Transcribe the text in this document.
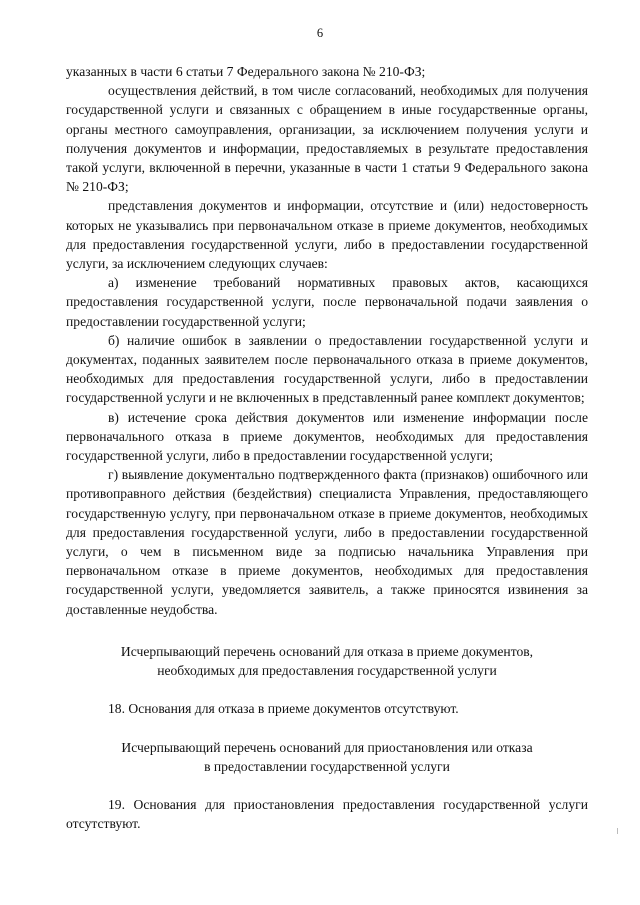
6

указанных в части 6 статьи 7 Федерального закона № 210-ФЗ;

осуществления действий, в том числе согласований, необходимых для получения государственной услуги и связанных с обращением в иные государственные органы, органы местного самоуправления, организации, за исключением получения услуги и получения документов и информации, предоставляемых в результате предоставления такой услуги, включенной в перечни, указанные в части 1 статьи 9 Федерального закона № 210-ФЗ;

представления документов и информации, отсутствие и (или) недостоверность которых не указывались при первоначальном отказе в приеме документов, необходимых для предоставления государственной услуги, либо в предоставлении государственной услуги, за исключением следующих случаев:

а) изменение требований нормативных правовых актов, касающихся предоставления государственной услуги, после первоначальной подачи заявления о предоставлении государственной услуги;

б) наличие ошибок в заявлении о предоставлении государственной услуги и документах, поданных заявителем после первоначального отказа в приеме документов, необходимых для предоставления государственной услуги, либо в предоставлении государственной услуги и не включенных в представленный ранее комплект документов;

в) истечение срока действия документов или изменение информации после первоначального отказа в приеме документов, необходимых для предоставления государственной услуги, либо в предоставлении государственной услуги;

г) выявление документально подтвержденного факта (признаков) ошибочного или противоправного действия (бездействия) специалиста Управления, предоставляющего государственную услугу, при первоначальном отказе в приеме документов, необходимых для предоставления государственной услуги, либо в предоставлении государственной услуги, о чем в письменном виде за подписью начальника Управления при первоначальном отказе в приеме документов, необходимых для предоставления государственной услуги, уведомляется заявитель, а также приносятся извинения за доставленные неудобства.

Исчерпывающий перечень оснований для отказа в приеме документов,

необходимых для предоставления государственной услуги

18. Основания для отказа в приеме документов отсутствуют.

Исчерпывающий перечень оснований для приостановления или отказа

в предоставлении государственной услуги

19. Основания для приостановления предоставления государственной услуги отсутствуют.
